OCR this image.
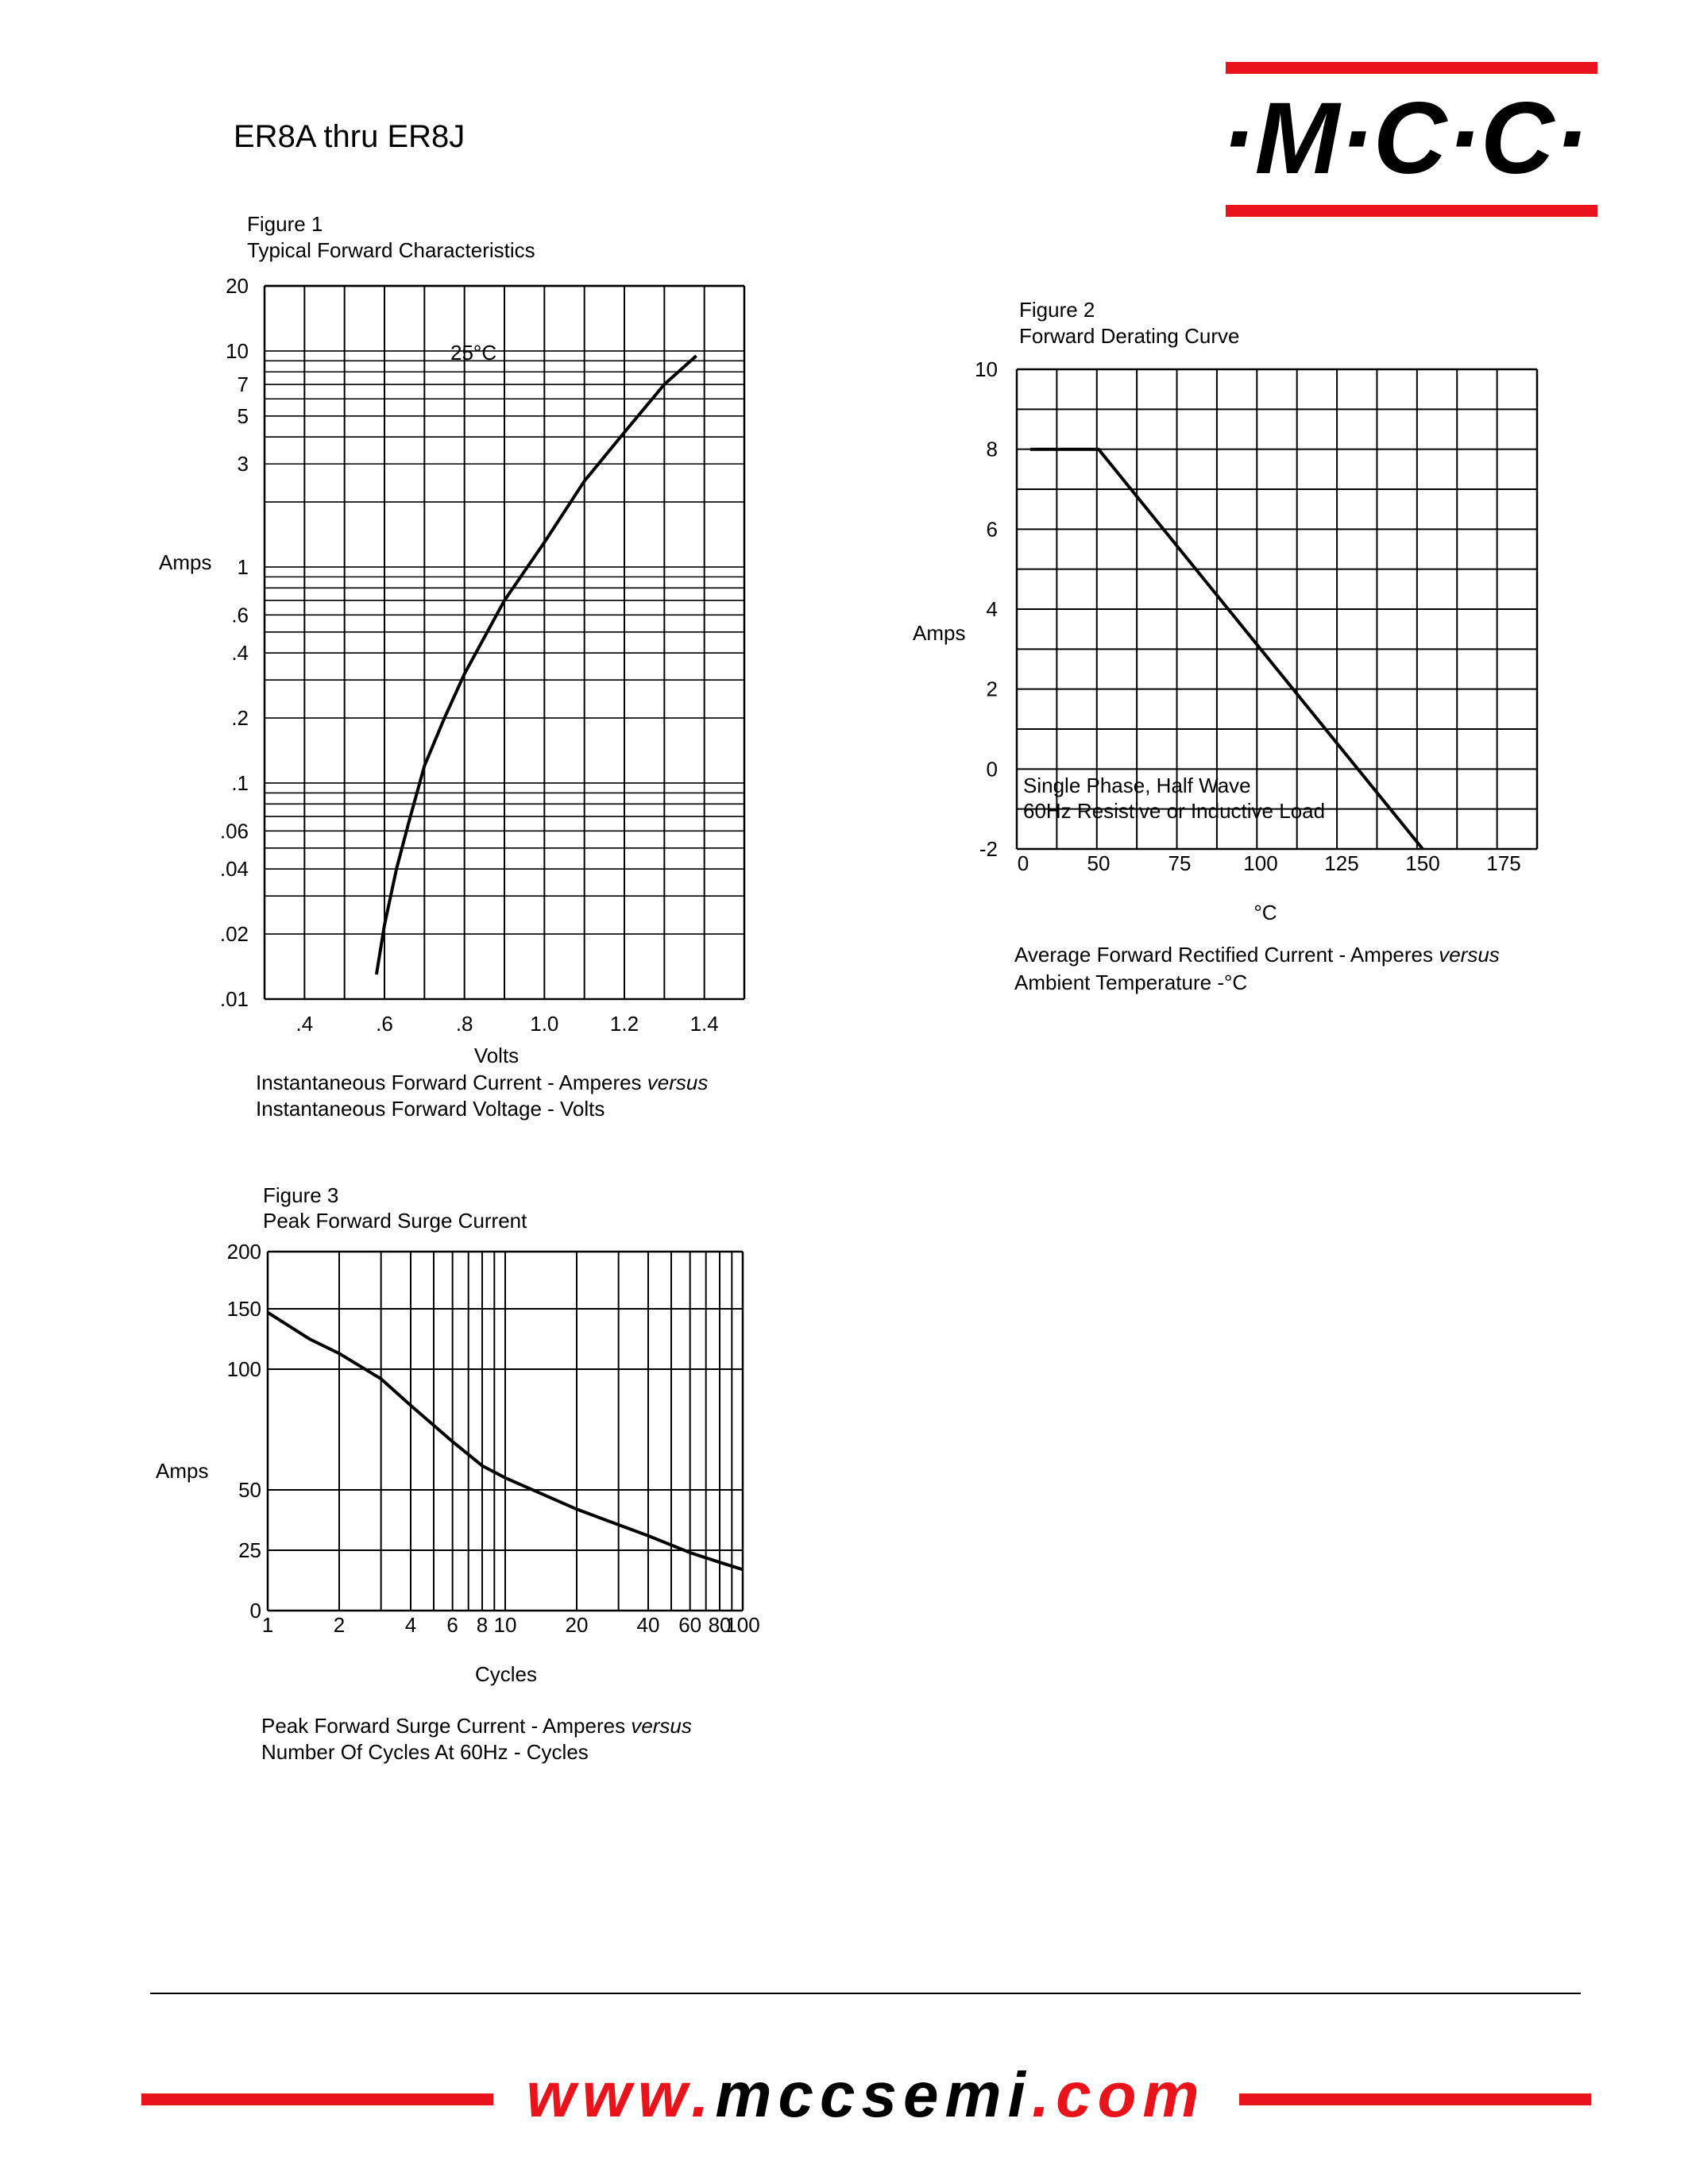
ER8A thru ER8J	·M·C·C·
Figure 1
Typical Forward Characteristics
.01
.02
.04
.06
.1
.2
.4
.6
1
3
5
7
10
20
.4	.6	.8	1.0 1.2 1.4
25°C
Amps
Volts
Instantaneous Forward Current - Amperes versus
Instantaneous Forward Voltage - Volts
Figure 2
Forward Derating Curve
-2
0
2
4
6
8
10
0	50	75	100 125 150 175
Single Phase, Half Wave
60Hz Resistive or Inductive Load
Amps
°C
Average Forward Rectified Current - Amperes versus
Ambient Temperature -°C
Figure 3
Peak Forward Surge Current
0
25
50
100
150
200
1	2	4 6 8 10 20 40 60 80
100
Amps
Cycles
Peak Forward Surge Current - Amperes versus
Number Of Cycles At 60Hz - Cycles
www.mccsemi.com
